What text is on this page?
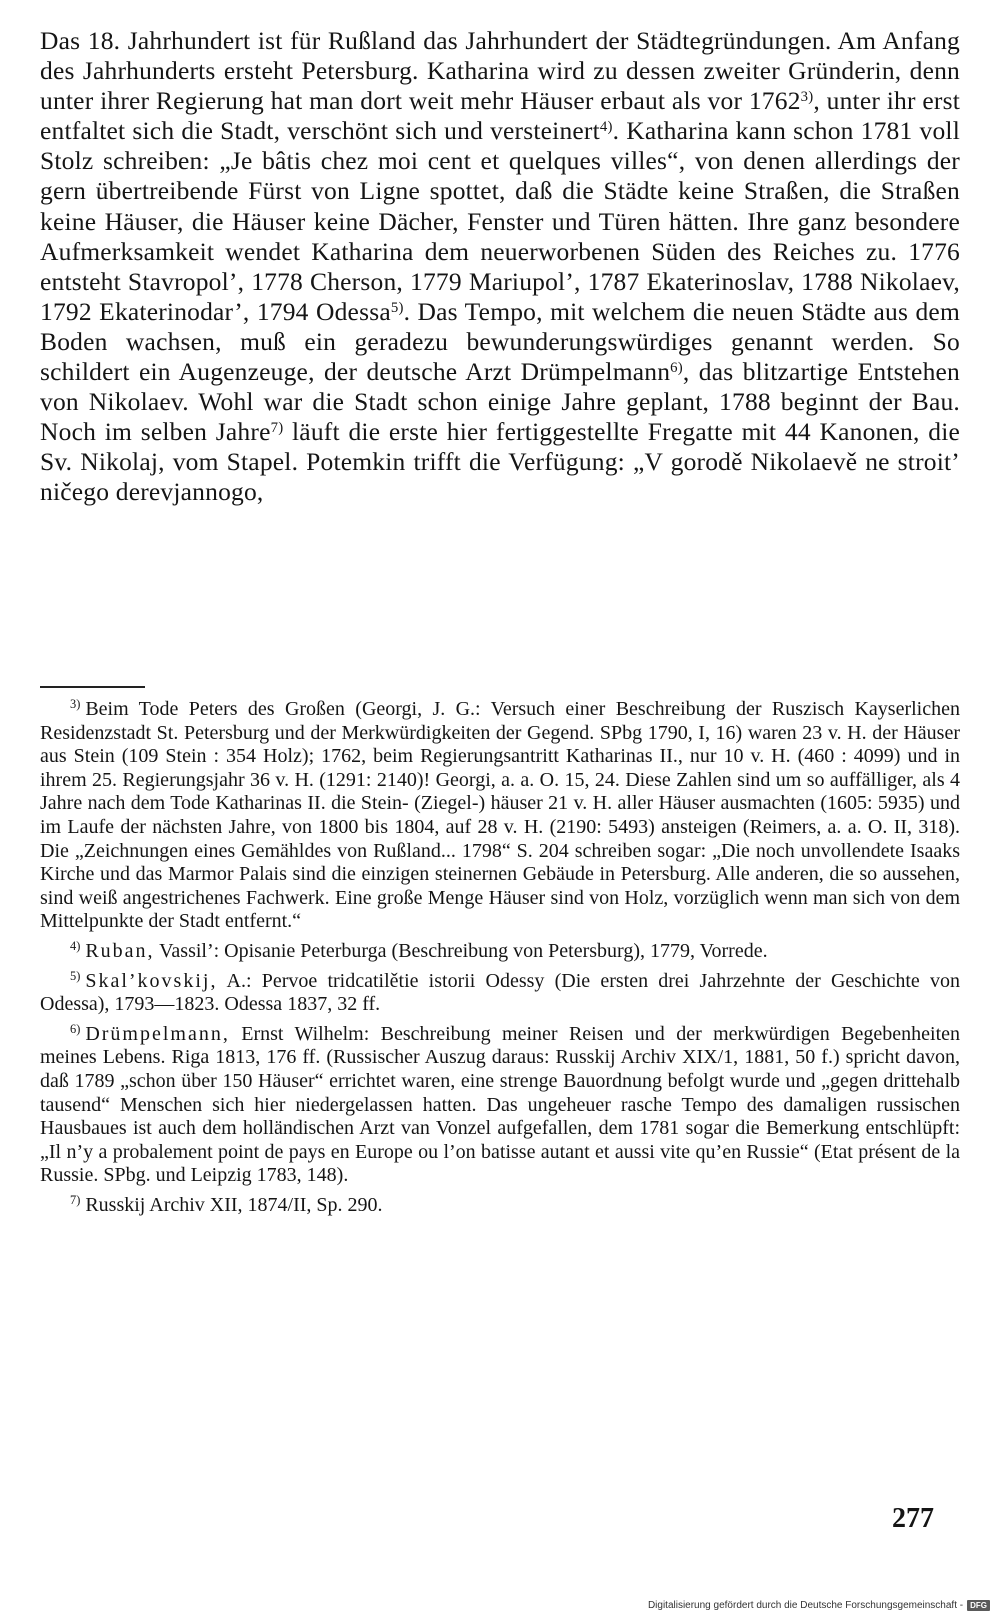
Das 18. Jahrhundert ist für Rußland das Jahrhundert der Städtegründungen. Am Anfang des Jahrhunderts ersteht Petersburg. Katharina wird zu dessen zweiter Gründerin, denn unter ihrer Regierung hat man dort weit mehr Häuser erbaut als vor 1762$^{3)}$, unter ihr erst entfaltet sich die Stadt, verschönt sich und versteinert$^{4)}$. Katharina kann schon 1781 voll Stolz schreiben: „Je bâtis chez moi cent et quelques villes“, von denen allerdings der gern übertreibende Fürst von Ligne spottet, daß die Städte keine Straßen, die Straßen keine Häuser, die Häuser keine Dächer, Fenster und Türen hätten. Ihre ganz besondere Aufmerksamkeit wendet Katharina dem neuerworbenen Süden des Reiches zu. 1776 entsteht Stavropol’, 1778 Cherson, 1779 Mariupol’, 1787 Ekaterinoslav, 1788 Nikolaev, 1792 Ekaterinodar’, 1794 Odessa$^{5)}$. Das Tempo, mit welchem die neuen Städte aus dem Boden wachsen, muß ein geradezu bewunderungswürdiges genannt werden. So schildert ein Augenzeuge, der deutsche Arzt Drümpelmann$^{6)}$, das blitzartige Entstehen von Nikolaev. Wohl war die Stadt schon einige Jahre geplant, 1788 beginnt der Bau. Noch im selben Jahre$^{7)}$ läuft die erste hier fertiggestellte Fregatte mit 44 Kanonen, die Sv. Nikolaj, vom Stapel. Potemkin trifft die Verfügung: „V gorodě Nikolaevě ne stroit’ ničego derevjannogo,

$^{3)}$ Beim Tode Peters des Großen (Georgi, J. G.: Versuch einer Beschreibung der Ruszisch Kayserlichen Residenzstadt St. Petersburg und der Merkwürdigkeiten der Gegend. SPbg 1790, I, 16) waren 23 v. H. der Häuser aus Stein (109 Stein : 354 Holz); 1762, beim Regierungsantritt Katharinas II., nur 10 v. H. (460 : 4099) und in ihrem 25. Regierungsjahr 36 v. H. (1291: 2140)! Georgi, a. a. O. 15, 24. Diese Zahlen sind um so auffälliger, als 4 Jahre nach dem Tode Katharinas II. die Stein- (Ziegel-) häuser 21 v. H. aller Häuser ausmachten (1605: 5935) und im Laufe der nächsten Jahre, von 1800 bis 1804, auf 28 v. H. (2190: 5493) ansteigen (Reimers, a. a. O. II, 318). Die „Zeichnungen eines Gemähldes von Rußland... 1798“ S. 204 schreiben sogar: „Die noch unvollendete Isaaks Kirche und das Marmor Palais sind die einzigen steinernen Gebäude in Petersburg. Alle anderen, die so aussehen, sind weiß angestrichenes Fachwerk. Eine große Menge Häuser sind von Holz, vorzüglich wenn man sich von dem Mittelpunkte der Stadt entfernt.“

$^{4)}$ Ruban, Vassil’: Opisanie Peterburga (Beschreibung von Petersburg), 1779, Vorrede.

$^{5)}$ Skal’kovskij, A.: Pervoe tridcatilětie istorii Odessy (Die ersten drei Jahrzehnte der Geschichte von Odessa), 1793—1823. Odessa 1837, 32 ff.

$^{6)}$ Drümpelmann, Ernst Wilhelm: Beschreibung meiner Reisen und der merkwürdigen Begebenheiten meines Lebens. Riga 1813, 176 ff. (Russischer Auszug daraus: Russkij Archiv XIX/1, 1881, 50 f.) spricht davon, daß 1789 „schon über 150 Häuser“ errichtet waren, eine strenge Bauordnung befolgt wurde und „gegen drittehalb tausend“ Menschen sich hier niedergelassen hatten. Das ungeheuer rasche Tempo des damaligen russischen Hausbaues ist auch dem holländischen Arzt van Vonzel aufgefallen, dem 1781 sogar die Bemerkung entschlüpft: „Il n’y a probalement point de pays en Europe ou l’on batisse autant et aussi vite qu’en Russie“ (Etat présent de la Russie. SPbg. und Leipzig 1783, 148).

$^{7)}$ Russkij Archiv XII, 1874/II, Sp. 290.

277
Digitalisierung gefördert durch die Deutsche Forschungsgemeinschaft - DFG
